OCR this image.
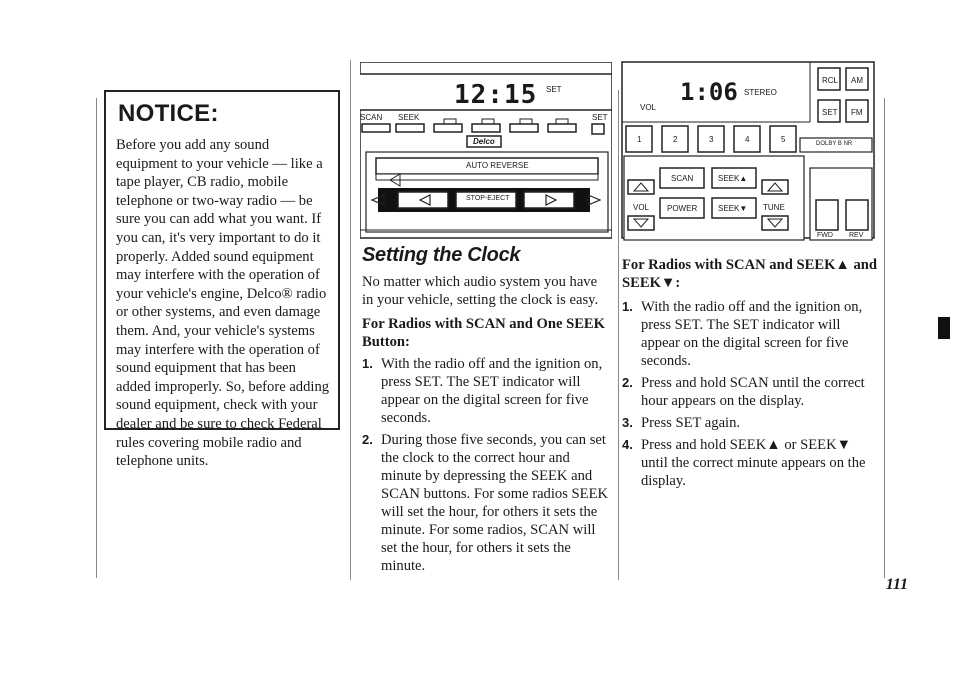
NOTICE:
Before you add any sound equipment to your vehicle — like a tape player, CB radio, mobile telephone or two-way radio — be sure you can add what you want. If you can, it's very important to do it properly. Added sound equipment may interfere with the operation of your vehicle's engine, Delco® radio or other systems, and even damage them. And, your vehicle's systems may interfere with the operation of sound equipment that has been added improperly. So, before adding sound equipment, check with your dealer and be sure to check Federal rules covering mobile radio and telephone units.
12:15 SET
SCAN SEEK	SET
Delco
AUTO REVERSE
STOP-EJECT
Setting the Clock

No matter which audio system you have in your vehicle, setting the clock is easy.

For Radios with SCAN and One SEEK Button:

1. With the radio off and the ignition on, press SET. The SET indicator will appear on the digital screen for five seconds.
2. During those five seconds, you can set the clock to the correct hour and minute by depressing the SEEK and SCAN buttons. For some radios SEEK will set the hour, for others it sets the minute. For some radios, SCAN will set the hour, for others it sets the minute.
1:06 STEREO
VOL
RCL AM
SET FM
1	2	3	4	5	DOLBY B NR
SCAN	SEEK▲
POWER	SEEK▼
VOL	TUNE
FWD REV

For Radios with SCAN and SEEK▲ and SEEK▼:

1. With the radio off and the ignition on, press SET. The SET indicator will appear on the digital screen for five seconds.
2. Press and hold SCAN until the correct hour appears on the display.
3. Press SET again.
4. Press and hold SEEK▲ or SEEK▼ until the correct minute appears on the display.
111
